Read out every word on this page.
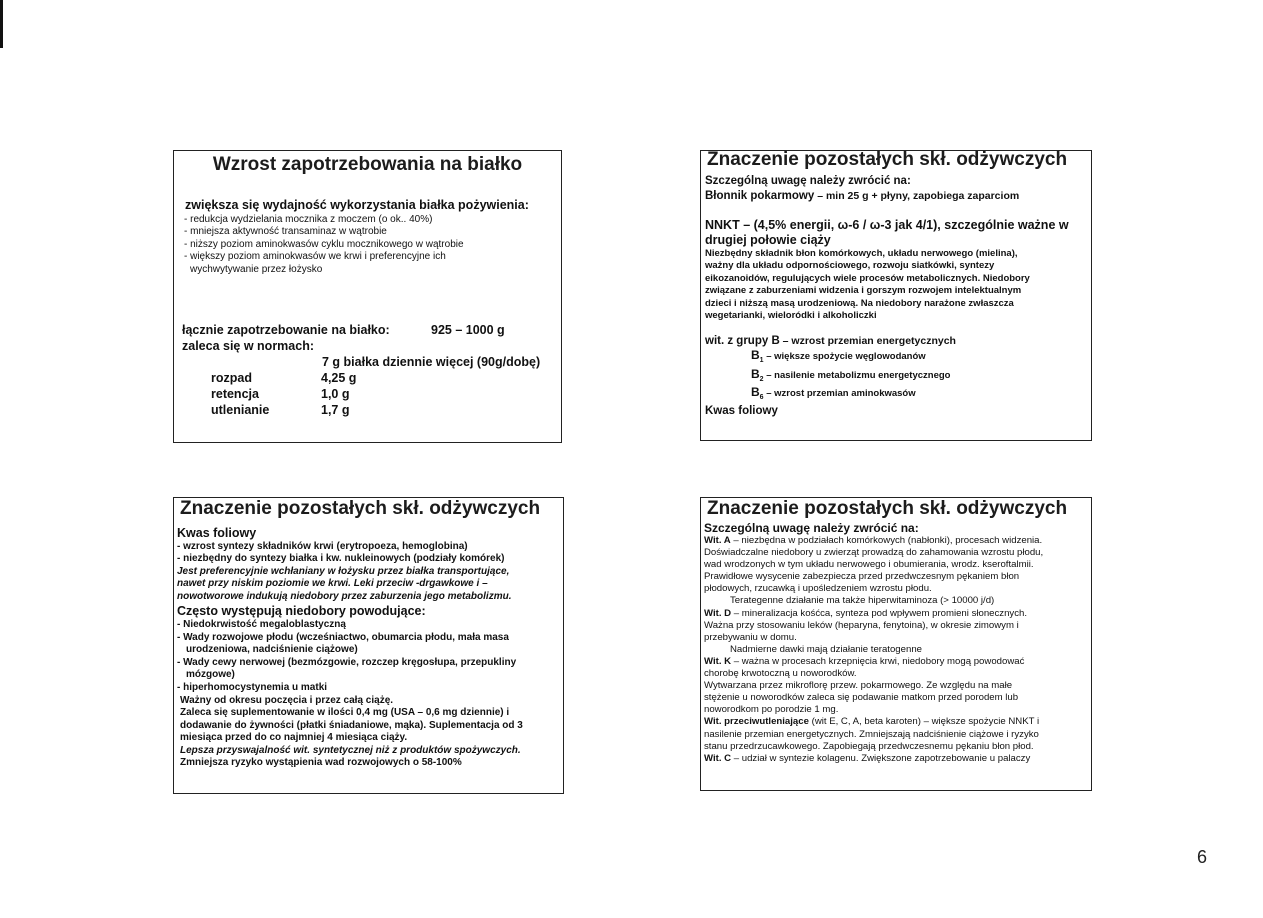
Wzrost zapotrzebowania na białko
zwiększa się wydajność wykorzystania białka pożywienia:
- redukcja wydzielania mocznika z moczem (o ok.. 40%)
- mniejsza aktywność transaminaz w wątrobie
- niższy poziom aminokwasów cyklu mocznikowego w wątrobie
- większy poziom aminokwasów we krwi i preferencyjne ich
wychwytywanie przez łożysko
łącznie zapotrzebowanie na białko:	925 – 1000 g
zaleca się w normach:
7 g białka dziennie więcej (90g/dobę)
rozpad	4,25 g
retencja	1,0 g
utlenianie	1,7 g
Znaczenie pozostałych skł. odżywczych
Szczególną uwagę należy zwrócić na:
Błonnik pokarmowy – min 25 g + płyny, zapobiega zaparciom
NNKT – (4,5% energii, ω-6 / ω-3 jak 4/1), szczególnie ważne w
drugiej połowie ciąży
Niezbędny składnik błon komórkowych, układu nerwowego (mielina),
ważny dla układu odpornościowego, rozwoju siatkówki, syntezy
eikozanoidów, regulujących wiele procesów metabolicznych. Niedobory
związane z zaburzeniami widzenia i gorszym rozwojem intelektualnym
dzieci i niższą masą urodzeniową. Na niedobory narażone zwłaszcza
wegetarianki, wieloródki i alkoholiczki
wit. z grupy B – wzrost przemian energetycznych
$B_1$ – większe spożycie węglowodanów
$B_2$ – nasilenie metabolizmu energetycznego
$B_6$ – wzrost przemian aminokwasów
Kwas foliowy
Znaczenie pozostałych skł. odżywczych
Kwas foliowy
- wzrost syntezy składników krwi (erytropoeza, hemoglobina)
- niezbędny do syntezy białka i kw. nukleinowych (podziały komórek)
Jest preferencyjnie wchłaniany w łożysku przez białka transportujące,
nawet przy niskim poziomie we krwi. Leki przeciw -drgawkowe i –
nowotworowe indukują niedobory przez zaburzenia jego metabolizmu.
Często występują niedobory powodujące:
- Niedokrwistość megaloblastyczną
- Wady rozwojowe płodu (wcześniactwo, obumarcia płodu, mała masa
urodzeniowa, nadciśnienie ciążowe)
- Wady cewy nerwowej (bezmózgowie, rozczep kręgosłupa, przepukliny
mózgowe)
- hiperhomocystynemia u matki
Ważny od okresu poczęcia i przez całą ciążę.
Zaleca się suplementowanie w ilości 0,4 mg (USA – 0,6 mg dziennie) i
dodawanie do żywności (płatki śniadaniowe, mąka). Suplementacja od 3
miesiąca przed do co najmniej 4 miesiąca ciąży.
Lepsza przyswajalność wit. syntetycznej niż z produktów spożywczych.
Zmniejsza ryzyko wystąpienia wad rozwojowych o 58-100%
Znaczenie pozostałych skł. odżywczych
Szczególną uwagę należy zwrócić na:
Wit. A – niezbędna w podziałach komórkowych (nabłonki), procesach widzenia.
Doświadczalne niedobory u zwierząt prowadzą do zahamowania wzrostu płodu,
wad wrodzonych w tym układu nerwowego i obumierania, wrodz. kseroftalmii.
Prawidłowe wysycenie zabezpiecza przed przedwczesnym pękaniem błon
płodowych, rzucawką i upośledzeniem wzrostu płodu.
Terategenne działanie ma także hiperwitaminoza (> 10000 j/d)
Wit. D – mineralizacja kośćca, synteza pod wpływem promieni słonecznych.
Ważna przy stosowaniu leków (heparyna, fenytoina), w okresie zimowym i
przebywaniu w domu.
Nadmierne dawki mają działanie teratogenne
Wit. K – ważna w procesach krzepnięcia krwi, niedobory mogą powodować
chorobę krwotoczną u noworodków.
Wytwarzana przez mikroflorę przew. pokarmowego. Ze względu na małe
stężenie u noworodków zaleca się podawanie matkom przed porodem lub
noworodkom po porodzie 1 mg.
Wit. przeciwutleniające (wit E, C, A, beta karoten) – większe spożycie NNKT i
nasilenie przemian energetycznych. Zmniejszają nadciśnienie ciążowe i ryzyko
stanu przedrzucawkowego. Zapobiegają przedwczesnemu pękaniu błon płod.
Wit. C – udział w syntezie kolagenu. Zwiększone zapotrzebowanie u palaczy
6
